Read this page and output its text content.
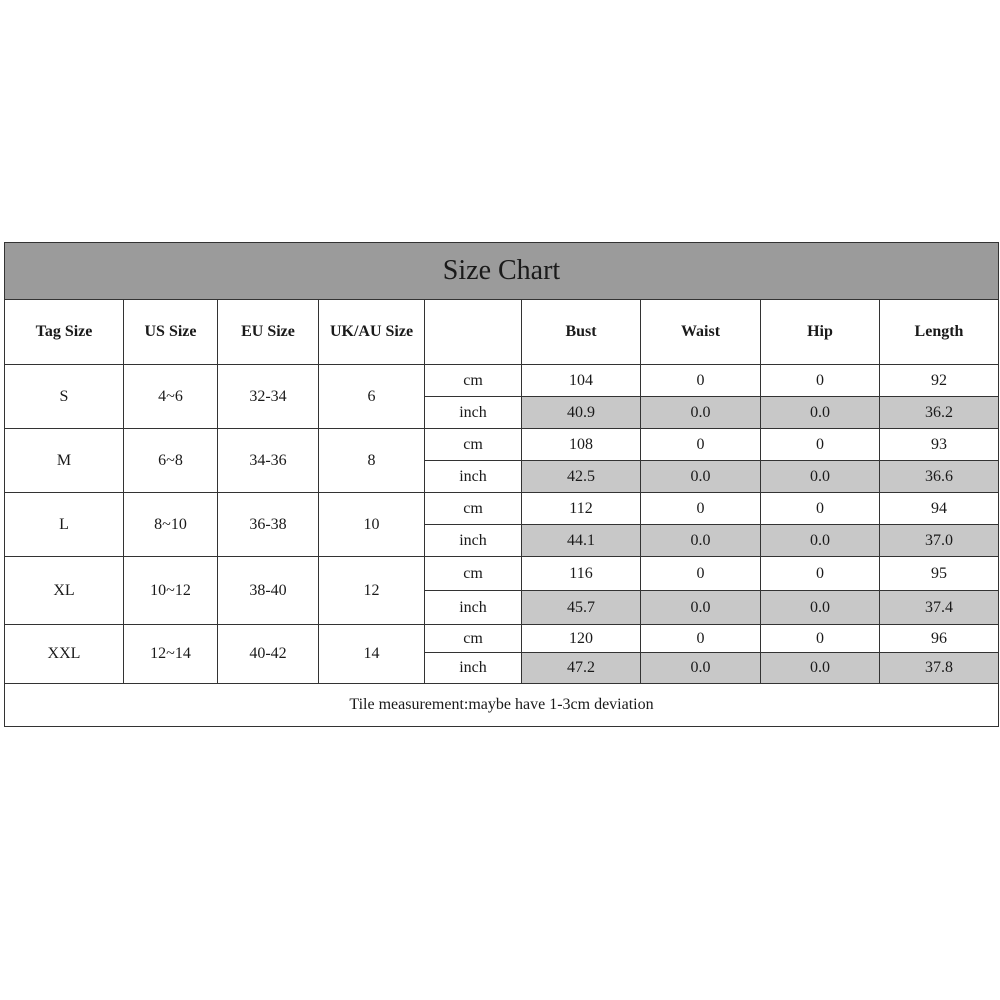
Size Chart								
Tag Size	US Size	EU Size	UK/AU Size		Bust	Waist	Hip	Length
S	4~6	32-34	6	cm	104	0	0	92
				inch	40.9	0.0	0.0	36.2
M	6~8	34-36	8	cm	108	0	0	93
				inch	42.5	0.0	0.0	36.6
L	8~10	36-38	10	cm	112	0	0	94
				inch	44.1	0.0	0.0	37.0
XL	10~12	38-40	12	cm	116	0	0	95
				inch	45.7	0.0	0.0	37.4
XXL	12~14	40-42	14	cm	120	0	0	96
				inch	47.2	0.0	0.0	37.8
Tile measurement:maybe have 1-3cm deviation								
